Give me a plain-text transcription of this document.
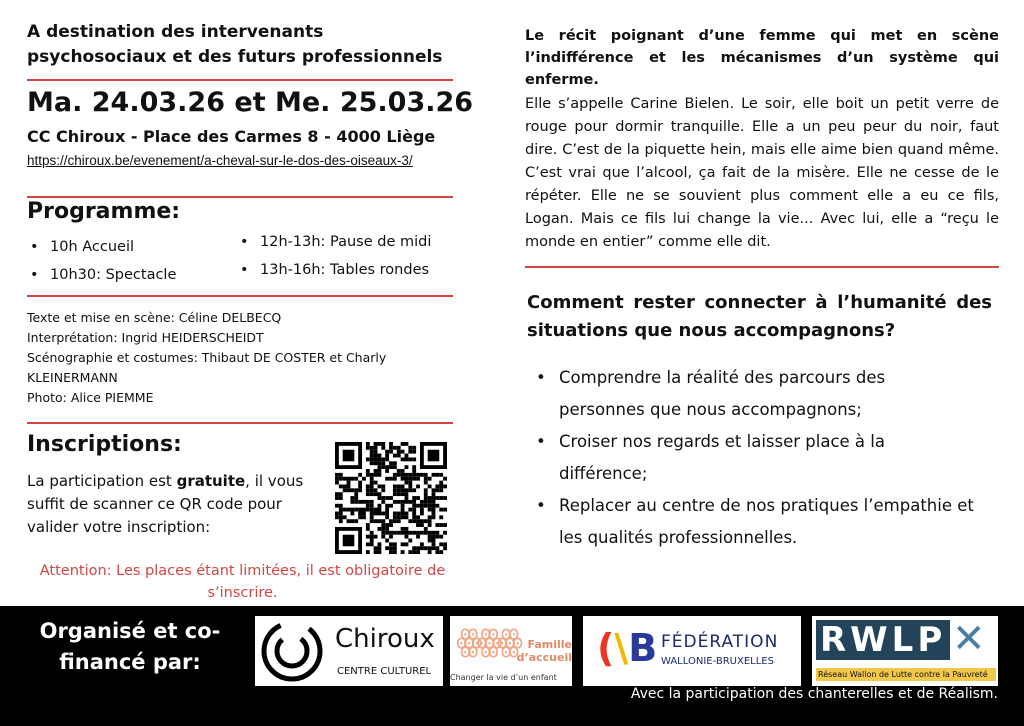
A destination des intervenants psychosociaux et des futurs professionnels
Ma. 24.03.26 et Me. 25.03.26
CC Chiroux - Place des Carmes 8 - 4000 Liège
https://chiroux.be/evenement/a-cheval-sur-le-dos-des-oiseaux-3/
Programme:
• 10h Accueil
• 10h30: Spectacle
• 12h-13h: Pause de midi
• 13h-16h: Tables rondes
Texte et mise en scène: Céline DELBECQ
Interprétation: Ingrid HEIDERSCHEIDT
Scénographie et costumes: Thibaut DE COSTER et Charly KLEINERMANN
Photo: Alice PIEMME
Inscriptions:
La participation est gratuite, il vous suffit de scanner ce QR code pour valider votre inscription:
Attention: Les places étant limitées, il est obligatoire de s’inscrire.
Le récit poignant d’une femme qui met en scène l’indifférence et les mécanismes d’un système qui enferme.
Elle s’appelle Carine Bielen. Le soir, elle boit un petit verre de rouge pour dormir tranquille. Elle a un peu peur du noir, faut dire. C’est de la piquette hein, mais elle aime bien quand même. C’est vrai que l’alcool, ça fait de la misère. Elle ne cesse de le répéter. Elle ne se souvient plus comment elle a eu ce fils, Logan. Mais ce fils lui change la vie... Avec lui, elle a “reçu le monde en entier” comme elle dit.
Comment rester connecter à l’humanité des situations que nous accompagnons?
• Comprendre la réalité des parcours des personnes que nous accompagnons;
• Croiser nos regards et laisser place à la différence;
• Replacer au centre de nos pratiques l’empathie et les qualités professionnelles.
Organisé et co-financé par:
Chiroux
CENTRE CULTUREL
ꙮꙮꙮ Famille d’accueil
Changer la vie d’un enfant
(\B FÉDÉRATION
WALLONIE-BRUXELLES
RWLP ✕
Réseau Wallon de Lutte contre la Pauvreté
Avec la participation des chanterelles et de Réalism.
